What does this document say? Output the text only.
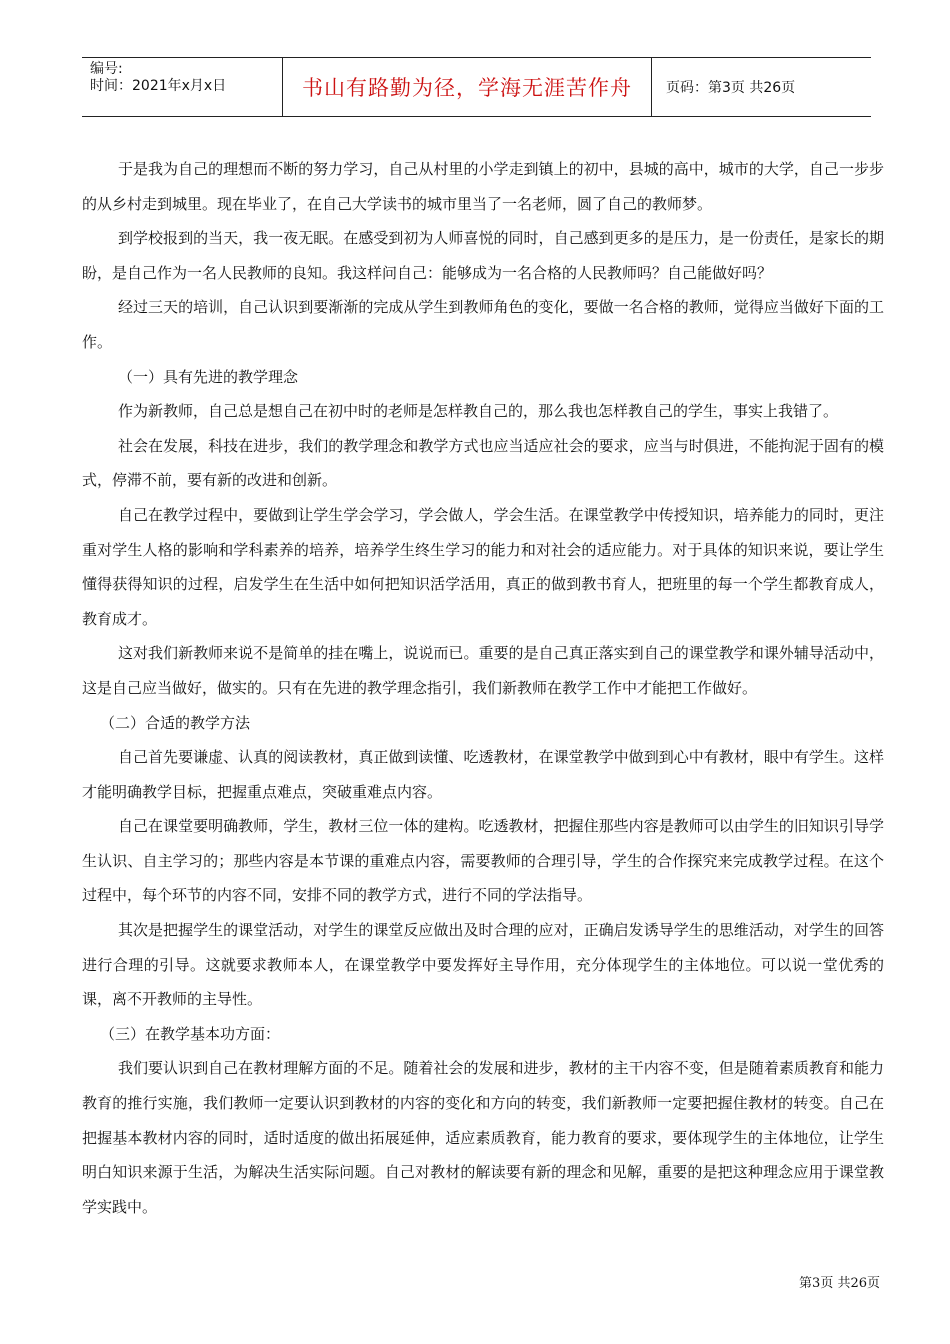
编号:
时间：2021年x月x日	书山有路勤为径，学海无涯苦作舟	页码：第3页 共26页

于是我为自己的理想而不断的努力学习，自己从村里的小学走到镇上的初中，县城的高中，城市的大学，自己一步步的从乡村走到城里。现在毕业了，在自己大学读书的城市里当了一名老师，圆了自己的教师梦。

到学校报到的当天，我一夜无眠。在感受到初为人师喜悦的同时，自己感到更多的是压力，是一份责任，是家长的期盼，是自己作为一名人民教师的良知。我这样问自己：能够成为一名合格的人民教师吗？自己能做好吗？

经过三天的培训，自己认识到要渐渐的完成从学生到教师角色的变化，要做一名合格的教师，觉得应当做好下面的工作。

（一）具有先进的教学理念

作为新教师，自己总是想自己在初中时的老师是怎样教自己的，那么我也怎样教自己的学生，事实上我错了。

社会在发展，科技在进步，我们的教学理念和教学方式也应当适应社会的要求，应当与时俱进，不能拘泥于固有的模式，停滞不前，要有新的改进和创新。

自己在教学过程中，要做到让学生学会学习，学会做人，学会生活。在课堂教学中传授知识，培养能力的同时，更注重对学生人格的影响和学科素养的培养，培养学生终生学习的能力和对社会的适应能力。对于具体的知识来说，要让学生懂得获得知识的过程，启发学生在生活中如何把知识活学活用，真正的做到教书育人，把班里的每一个学生都教育成人，教育成才。

这对我们新教师来说不是简单的挂在嘴上，说说而已。重要的是自己真正落实到自己的课堂教学和课外辅导活动中，这是自己应当做好，做实的。只有在先进的教学理念指引，我们新教师在教学工作中才能把工作做好。

（二）合适的教学方法

自己首先要谦虚、认真的阅读教材，真正做到读懂、吃透教材，在课堂教学中做到到心中有教材，眼中有学生。这样才能明确教学目标，把握重点难点，突破重难点内容。

自己在课堂要明确教师，学生，教材三位一体的建构。吃透教材，把握住那些内容是教师可以由学生的旧知识引导学生认识、自主学习的；那些内容是本节课的重难点内容，需要教师的合理引导，学生的合作探究来完成教学过程。在这个过程中，每个环节的内容不同，安排不同的教学方式，进行不同的学法指导。

其次是把握学生的课堂活动，对学生的课堂反应做出及时合理的应对，正确启发诱导学生的思维活动，对学生的回答进行合理的引导。这就要求教师本人，在课堂教学中要发挥好主导作用，充分体现学生的主体地位。可以说一堂优秀的课，离不开教师的主导性。

（三）在教学基本功方面：

我们要认识到自己在教材理解方面的不足。随着社会的发展和进步，教材的主干内容不变，但是随着素质教育和能力教育的推行实施，我们教师一定要认识到教材的内容的变化和方向的转变，我们新教师一定要把握住教材的转变。自己在把握基本教材内容的同时，适时适度的做出拓展延伸，适应素质教育，能力教育的要求，要体现学生的主体地位，让学生明白知识来源于生活，为解决生活实际问题。自己对教材的解读要有新的理念和见解，重要的是把这种理念应用于课堂教学实践中。

第3页 共26页
